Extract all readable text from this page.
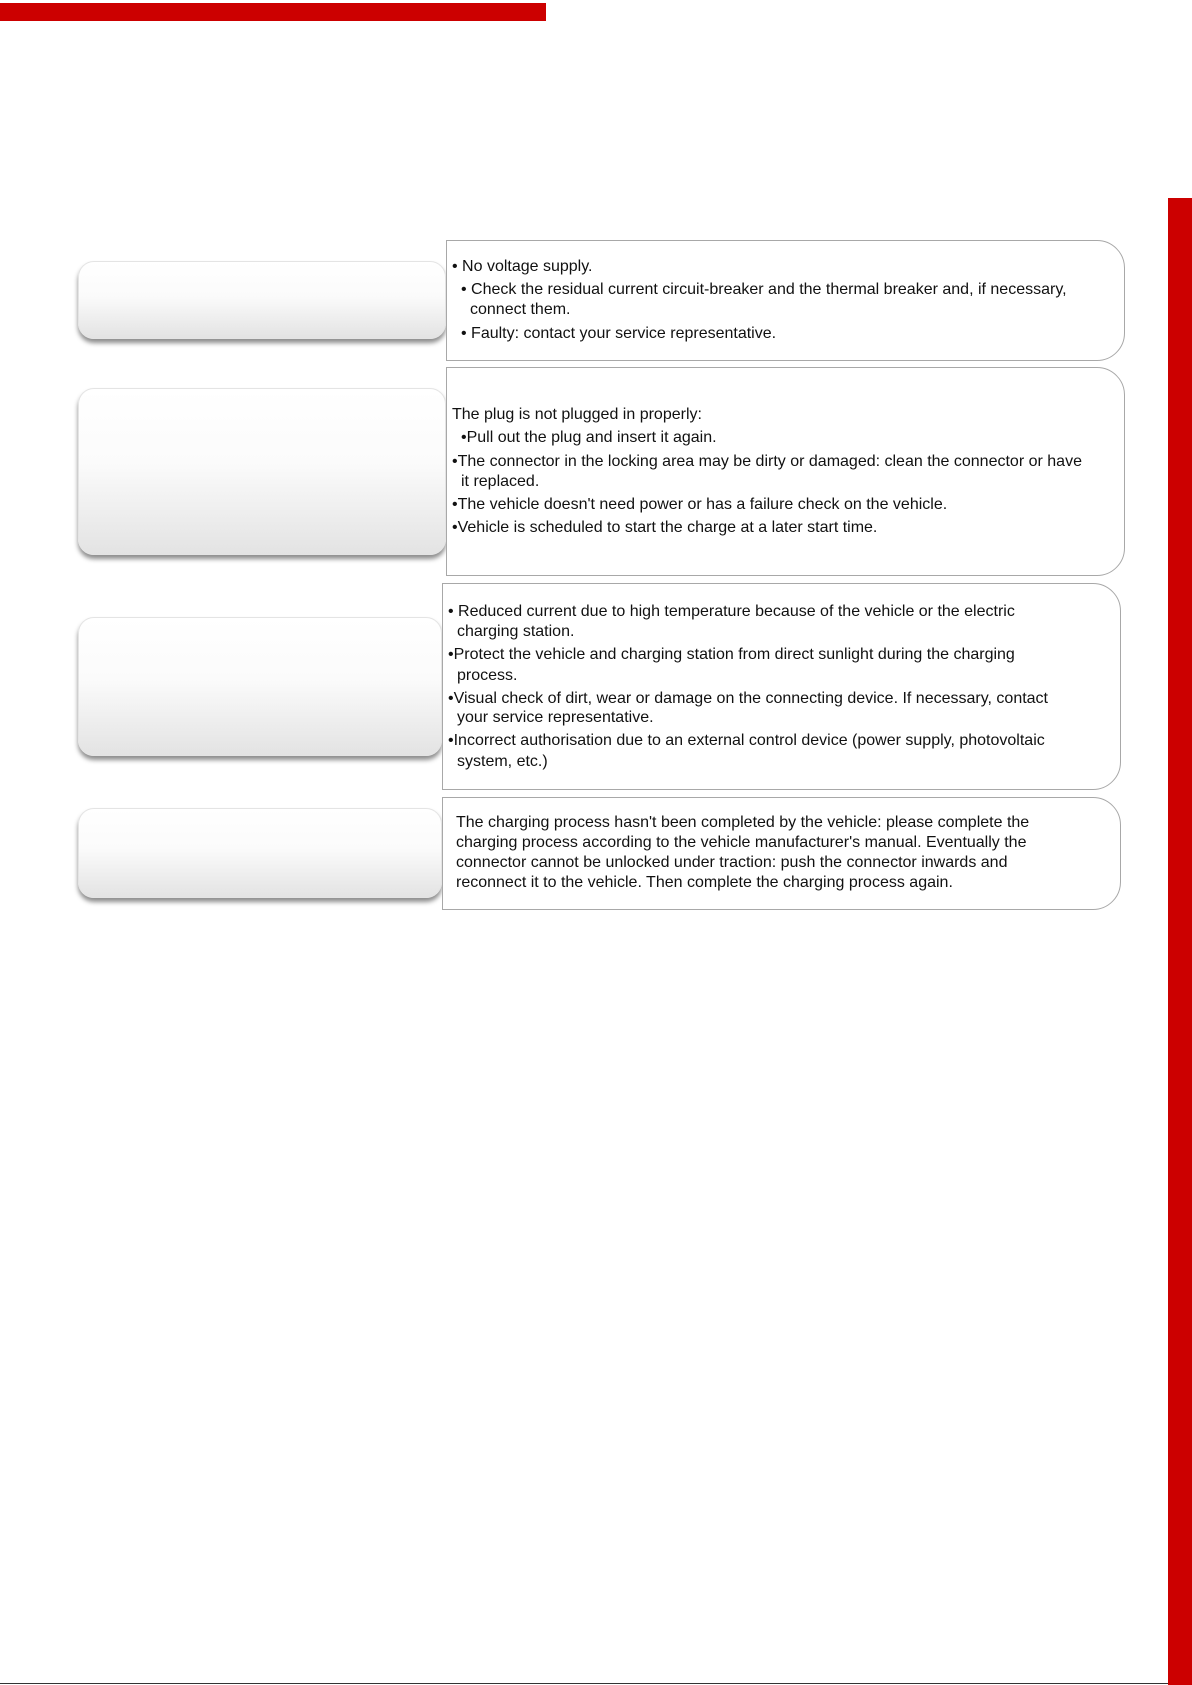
• No voltage supply.
• Check the residual current circuit-breaker and the thermal breaker and, if necessary,
connect them.
• Faulty: contact your service representative.
The plug is not plugged in properly:
•Pull out the plug and insert it again.
•The connector in the locking area may be dirty or damaged: clean the connector or have
it replaced.
•The vehicle doesn't need power or has a failure check on the vehicle.
•Vehicle is scheduled to start the charge at a later start time.
• Reduced current due to high temperature because of the vehicle or the electric
charging station.
•Protect the vehicle and charging station from direct sunlight during the charging
process.
•Visual check of dirt, wear or damage on the connecting device. If necessary, contact
your service representative.
•Incorrect authorisation due to an external control device (power supply, photovoltaic
system, etc.)
The charging process hasn't been completed by the vehicle: please complete the
charging process according to the vehicle manufacturer's manual. Eventually the
connector cannot be unlocked under traction: push the connector inwards and
reconnect it to the vehicle. Then complete the charging process again.
